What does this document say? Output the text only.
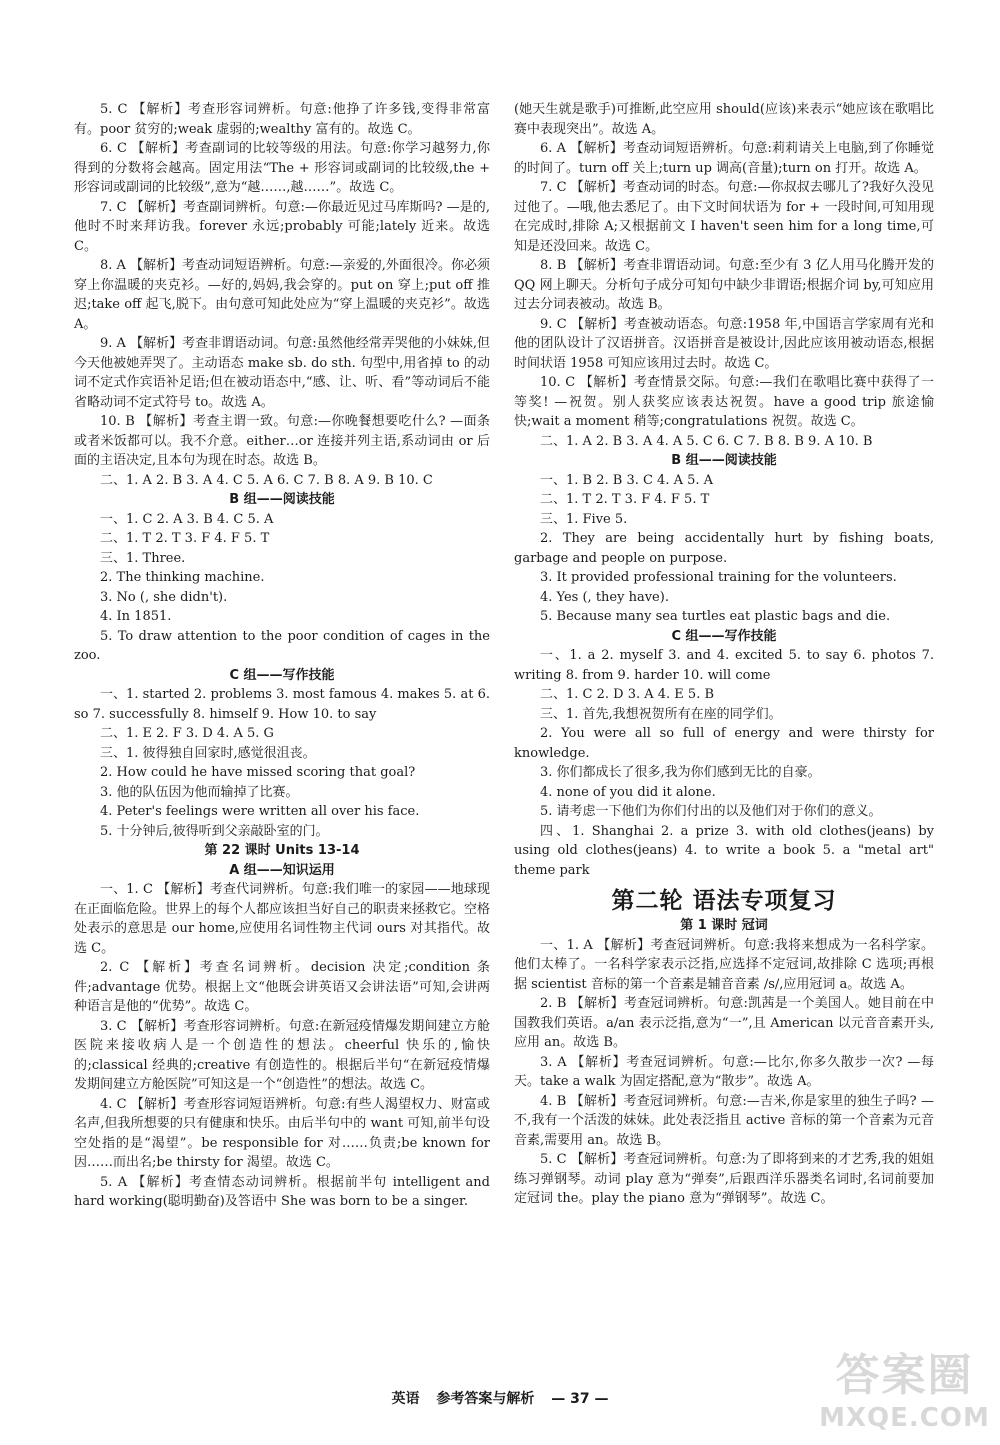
5. C 【解析】考查形容词辨析。句意:他挣了许多钱,变得非常富有。poor 贫穷的;weak 虚弱的;wealthy 富有的。故选 C。

6. C 【解析】考查副词的比较等级的用法。句意:你学习越努力,你得到的分数将会越高。固定用法“The + 形容词或副词的比较级,the + 形容词或副词的比较级”,意为“越……,越……”。故选 C。

7. C 【解析】考查副词辨析。句意:—你最近见过马库斯吗? —是的,他时不时来拜访我。forever 永远;probably 可能;lately 近来。故选 C。

8. A 【解析】考查动词短语辨析。句意:—亲爱的,外面很冷。你必须穿上你温暖的夹克衫。—好的,妈妈,我会穿的。put on 穿上;put off 推迟;take off 起飞,脱下。由句意可知此处应为“穿上温暖的夹克衫”。故选 A。

9. A 【解析】考查非谓语动词。句意:虽然他经常弄哭他的小妹妹,但今天他被她弄哭了。主动语态 make sb. do sth. 句型中,用省掉 to 的动词不定式作宾语补足语;但在被动语态中,“感、让、听、看”等动词后不能省略动词不定式符号 to。故选 A。

10. B 【解析】考查主谓一致。句意:—你晚餐想要吃什么? —面条或者米饭都可以。我不介意。either…or 连接并列主语,系动词由 or 后面的主语决定,且本句为现在时态。故选 B。

二、1. A 2. B 3. A 4. C 5. A 6. C 7. B 8. A 9. B 10. C

B 组——阅读技能

一、1. C 2. A 3. B 4. C 5. A

二、1. T 2. T 3. F 4. F 5. T

三、1. Three.

2. The thinking machine.

3. No (, she didn't).

4. In 1851.

5. To draw attention to the poor condition of cages in the zoo.

C 组——写作技能

一、1. started 2. problems 3. most famous 4. makes 5. at 6. so 7. successfully 8. himself 9. How 10. to say

二、1. E 2. F 3. D 4. A 5. G

三、1. 彼得独自回家时,感觉很沮丧。

2. How could he have missed scoring that goal?

3. 他的队伍因为他而输掉了比赛。

4. Peter's feelings were written all over his face.

5. 十分钟后,彼得听到父亲敲卧室的门。

第 22 课时 Units 13-14

A 组——知识运用

一、1. C 【解析】考查代词辨析。句意:我们唯一的家园——地球现在正面临危险。世界上的每个人都应该担当好自己的职责来拯救它。空格处表示的意思是 our home,应使用名词性物主代词 ours 对其指代。故选 C。

2. C 【解析】考查名词辨析。decision 决定;condition 条件;advantage 优势。根据上文“他既会讲英语又会讲法语”可知,会讲两种语言是他的“优势”。故选 C。

3. C 【解析】考查形容词辨析。句意:在新冠疫情爆发期间建立方舱医院来接收病人是一个创造性的想法。cheerful 快乐的,愉快的;classical 经典的;creative 有创造性的。根据后半句“在新冠疫情爆发期间建立方舱医院”可知这是一个“创造性”的想法。故选 C。

4. C 【解析】考查形容词短语辨析。句意:有些人渴望权力、财富或名声,但我所想要的只有健康和快乐。由后半句中的 want 可知,前半句设空处指的是“渴望”。be responsible for 对……负责;be known for 因……而出名;be thirsty for 渴望。故选 C。

5. A 【解析】考查情态动词辨析。根据前半句 intelligent and hard working(聪明勤奋)及答语中 She was born to be a singer.

(她天生就是歌手)可推断,此空应用 should(应该)来表示“她应该在歌唱比赛中表现突出”。故选 A。

6. A 【解析】考查动词短语辨析。句意:莉莉请关上电脑,到了你睡觉的时间了。turn off 关上;turn up 调高(音量);turn on 打开。故选 A。

7. C 【解析】考查动词的时态。句意:—你叔叔去哪儿了?我好久没见过他了。—哦,他去悉尼了。由下文时间状语为 for + 一段时间,可知用现在完成时,排除 A;又根据前文 I haven't seen him for a long time,可知是还没回来。故选 C。

8. B 【解析】考查非谓语动词。句意:至少有 3 亿人用马化腾开发的 QQ 网上聊天。分析句子成分可知句中缺少非谓语;根据介词 by,可知应用过去分词表被动。故选 B。

9. C 【解析】考查被动语态。句意:1958 年,中国语言学家周有光和他的团队设计了汉语拼音。汉语拼音是被设计,因此应该用被动语态,根据时间状语 1958 可知应该用过去时。故选 C。

10. C 【解析】考查情景交际。句意:—我们在歌唱比赛中获得了一等奖! —祝贺。别人获奖应该表达祝贺。have a good trip 旅途愉快;wait a moment 稍等;congratulations 祝贺。故选 C。

二、1. A 2. B 3. A 4. A 5. C 6. C 7. B 8. B 9. A 10. B

B 组——阅读技能

一、1. B 2. B 3. C 4. A 5. A

二、1. T 2. T 3. F 4. F 5. T

三、1. Five 5.

2. They are being accidentally hurt by fishing boats, garbage and people on purpose.

3. It provided professional training for the volunteers.

4. Yes (, they have).

5. Because many sea turtles eat plastic bags and die.

C 组——写作技能

一、1. a 2. myself 3. and 4. excited 5. to say 6. photos 7. writing 8. from 9. harder 10. will come

二、1. C 2. D 3. A 4. E 5. B

三、1. 首先,我想祝贺所有在座的同学们。

2. You were all so full of energy and were thirsty for knowledge.

3. 你们都成长了很多,我为你们感到无比的自豪。

4. none of you did it alone.

5. 请考虑一下他们为你们付出的以及他们对于你们的意义。

四、1. Shanghai 2. a prize 3. with old clothes(jeans) by using old clothes(jeans) 4. to write a book 5. a "metal art" theme park

第二轮 语法专项复习

第 1 课时 冠词

一、1. A 【解析】考查冠词辨析。句意:我将来想成为一名科学家。他们太棒了。一名科学家表示泛指,应选择不定冠词,故排除 C 选项;再根据 scientist 音标的第一个音素是辅音音素 /s/,应用冠词 a。故选 A。

2. B 【解析】考查冠词辨析。句意:凯茜是一个美国人。她目前在中国教我们英语。a/an 表示泛指,意为“一”,且 American 以元音音素开头,应用 an。故选 B。

3. A 【解析】考查冠词辨析。句意:—比尔,你多久散步一次? —每天。take a walk 为固定搭配,意为“散步”。故选 A。

4. B 【解析】考查冠词辨析。句意:—吉米,你是家里的独生子吗? —不,我有一个活泼的妹妹。此处表泛指且 active 音标的第一个音素为元音音素,需要用 an。故选 B。

5. C 【解析】考查冠词辨析。句意:为了即将到来的才艺秀,我的姐姐练习弹钢琴。动词 play 意为“弹奏”,后跟西洋乐器类名词时,名词前要加定冠词 the。play the piano 意为“弹钢琴”。故选 C。

英语 参考答案与解析 — 37 —	答案圈
MXQE.COM
